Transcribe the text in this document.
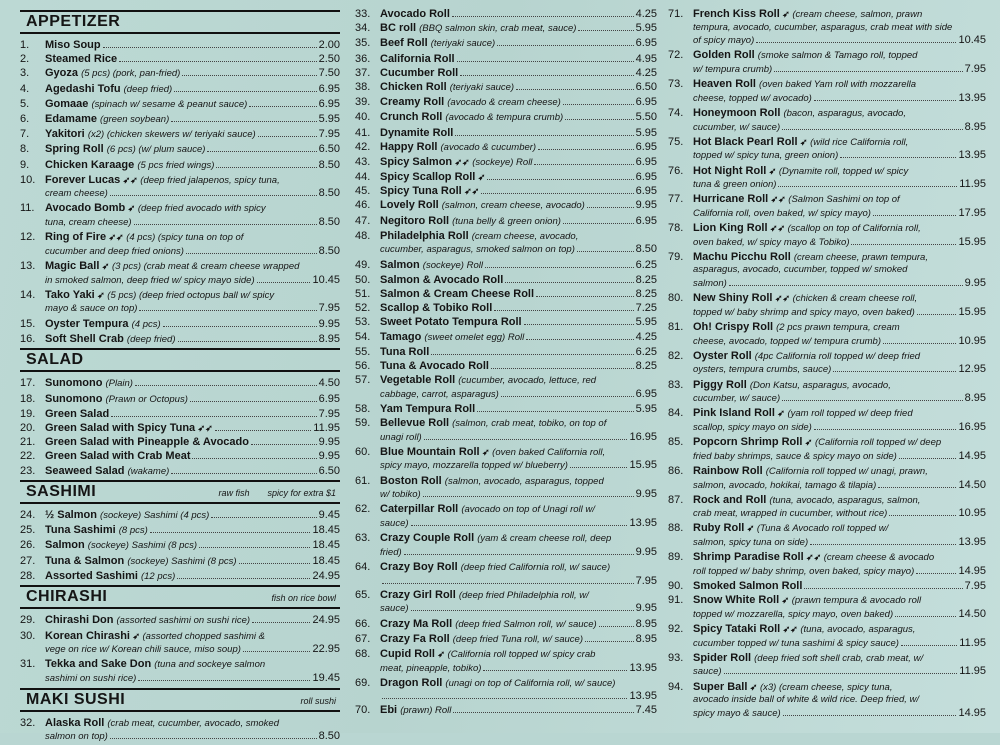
APPETIZER
1.	Miso Soup	2.00
2.	Steamed Rice	2.50
3.	Gyoza (5 pcs) (pork, pan-fried)	7.50
4.	Agedashi Tofu (deep fried)	6.95
5.	Gomaae (spinach w/ sesame & peanut sauce)	6.95
6.	Edamame (green soybean)	5.95
7.	Yakitori (x2) (chicken skewers w/ teriyaki sauce)	7.95
8.	Spring Roll (6 pcs) (w/ plum sauce)	6.50
9.	Chicken Karaage (5 pcs fried wings)	8.50
10. Forever Lucas ➶➶ (deep fried jalapenos, spicy tuna,
cream cheese)	8.50
11. Avocado Bomb ➶ (deep fried avocado with spicy
tuna, cream cheese)	8.50
12. Ring of Fire ➶➶ (4 pcs) (spicy tuna on top of
cucumber and deep fried onions)	8.50
13. Magic Ball ➶ (3 pcs) (crab meat & cream cheese wrapped
in smoked salmon, deep fried w/ spicy mayo side)	10.45
14. Tako Yaki ➶ (5 pcs) (deep fried octopus ball w/ spicy
mayo & sauce on top)	7.95
15. Oyster Tempura (4 pcs)	9.95
16. Soft Shell Crab (deep fried)	8.95
SALAD
17. Sunomono (Plain)	4.50
18. Sunomono (Prawn or Octopus)	6.95
19. Green Salad	7.95
20. Green Salad with Spicy Tuna ➶➶	11.95
21. Green Salad with Pineapple & Avocado	9.95
22. Green Salad with Crab Meat	9.95
23. Seaweed Salad (wakame)	6.50
SASHIMI	raw fish spicy for extra $1
24. ½ Salmon (sockeye) Sashimi (4 pcs)	9.45
25. Tuna Sashimi (8 pcs)	18.45
26. Salmon (sockeye) Sashimi (8 pcs)	18.45
27. Tuna & Salmon (sockeye) Sashimi (8 pcs)	18.45
28. Assorted Sashimi (12 pcs)	24.95
CHIRASHI	fish on rice bowl
29. Chirashi Don (assorted sashimi on sushi rice)	24.95
30. Korean Chirashi ➶ (assorted chopped sashimi &
vege on rice w/ Korean chili sauce, miso soup)	22.95
31. Tekka and Sake Don (tuna and sockeye salmon
sashimi on sushi rice)	19.45
MAKI SUSHI	roll sushi
32. Alaska Roll (crab meat, cucumber, avocado, smoked
salmon on top)	8.50
33. Avocado Roll	4.25
34. BC roll (BBQ salmon skin, crab meat, sauce)	5.95
35. Beef Roll (teriyaki sauce)	6.95
36. California Roll	4.95
37. Cucumber Roll	4.25
38. Chicken Roll (teriyaki sauce)	6.50
39. Creamy Roll (avocado & cream cheese)	6.95
40. Crunch Roll (avocado & tempura crumb)	5.50
41. Dynamite Roll	5.95
42. Happy Roll (avocado & cucumber)	6.95
43. Spicy Salmon ➶➶ (sockeye) Roll	6.95
44. Spicy Scallop Roll ➶	6.95
45. Spicy Tuna Roll ➶➶	6.95
46. Lovely Roll (salmon, cream cheese, avocado)	9.95
47. Negitoro Roll (tuna belly & green onion)	6.95
48. Philadelphia Roll (cream cheese, avocado,
cucumber, asparagus, smoked salmon on top)	8.50
49. Salmon (sockeye) Roll	6.25
50. Salmon & Avocado Roll	8.25
51. Salmon & Cream Cheese Roll	8.25
52. Scallop & Tobiko Roll	7.25
53. Sweet Potato Tempura Roll	5.95
54. Tamago (sweet omelet egg) Roll	4.25
55. Tuna Roll	6.25
56. Tuna & Avocado Roll	8.25
57. Vegetable Roll (cucumber, avocado, lettuce, red
cabbage, carrot, asparagus)	6.95
58. Yam Tempura Roll	5.95
59. Bellevue Roll (salmon, crab meat, tobiko, on top of
unagi roll)	16.95
60. Blue Mountain Roll ➶ (oven baked California roll,
spicy mayo, mozzarella topped w/ blueberry)	15.95
61. Boston Roll (salmon, avocado, asparagus, topped
w/ tobiko)	9.95
62. Caterpillar Roll (avocado on top of Unagi roll w/
sauce)	13.95
63. Crazy Couple Roll (yam & cream cheese roll, deep
fried)	9.95
64. Crazy Boy Roll (deep fried California roll, w/ sauce)
7.95
65. Crazy Girl Roll (deep fried Philadelphia roll, w/
sauce)	9.95
66. Crazy Ma Roll (deep fried Salmon roll, w/ sauce)	8.95
67. Crazy Fa Roll (deep fried Tuna roll, w/ sauce)	8.95
68. Cupid Roll ➶ (California roll topped w/ spicy crab
meat, pineapple, tobiko)	13.95
69. Dragon Roll (unagi on top of California roll, w/ sauce)
13.95
70. Ebi (prawn) Roll	7.45
71. French Kiss Roll ➶ (cream cheese, salmon, prawn
tempura, avocado, cucumber, asparagus, crab meat with side
of spicy mayo)	10.45
72. Golden Roll (smoke salmon & Tamago roll, topped
w/ tempura crumb)	7.95
73. Heaven Roll (oven baked Yam roll with mozzarella
cheese, topped w/ avocado)	13.95
74. Honeymoon Roll (bacon, asparagus, avocado,
cucumber, w/ sauce)	8.95
75. Hot Black Pearl Roll ➶ (wild rice California roll,
topped w/ spicy tuna, green onion)	13.95
76. Hot Night Roll ➶ (Dynamite roll, topped w/ spicy
tuna & green onion)	11.95
77. Hurricane Roll ➶➶ (Salmon Sashimi on top of
California roll, oven baked, w/ spicy mayo)	17.95
78. Lion King Roll ➶➶ (scallop on top of California roll,
oven baked, w/ spicy mayo & Tobiko)	15.95
79. Machu Picchu Roll (cream cheese, prawn tempura,
asparagus, avocado, cucumber, topped w/ smoked
salmon)	9.95
80. New Shiny Roll ➶➶ (chicken & cream cheese roll,
topped w/ baby shrimp and spicy mayo, oven baked)	15.95
81. Oh! Crispy Roll (2 pcs prawn tempura, cream
cheese, avocado, topped w/ tempura crumb)	10.95
82. Oyster Roll (4pc California roll topped w/ deep fried
oysters, tempura crumbs, sauce)	12.95
83. Piggy Roll (Don Katsu, asparagus, avocado,
cucumber, w/ sauce)	8.95
84. Pink Island Roll ➶ (yam roll topped w/ deep fried
scallop, spicy mayo on side)	16.95
85. Popcorn Shrimp Roll ➶ (California roll topped w/ deep
fried baby shrimps, sauce & spicy mayo on side)	14.95
86. Rainbow Roll (California roll topped w/ unagi, prawn,
salmon, avocado, hokikai, tamago & tilapia)	14.50
87. Rock and Roll (tuna, avocado, asparagus, salmon,
crab meat, wrapped in cucumber, without rice)	10.95
88. Ruby Roll ➶ (Tuna & Avocado roll topped w/
salmon, spicy tuna on side)	13.95
89. Shrimp Paradise Roll ➶➶ (cream cheese & avocado
roll topped w/ baby shrimp, oven baked, spicy mayo)	14.95
90. Smoked Salmon Roll	7.95
91. Snow White Roll ➶ (prawn tempura & avocado roll
topped w/ mozzarella, spicy mayo, oven baked)	14.50
92. Spicy Tataki Roll ➶➶ (tuna, avocado, asparagus,
cucumber topped w/ tuna sashimi & spicy sauce)	11.95
93. Spider Roll (deep fried soft shell crab, crab meat, w/
sauce)	11.95
94. Super Ball ➶ (x3) (cream cheese, spicy tuna,
avocado inside ball of white & wild rice. Deep fried, w/
spicy mayo & sauce)	14.95
